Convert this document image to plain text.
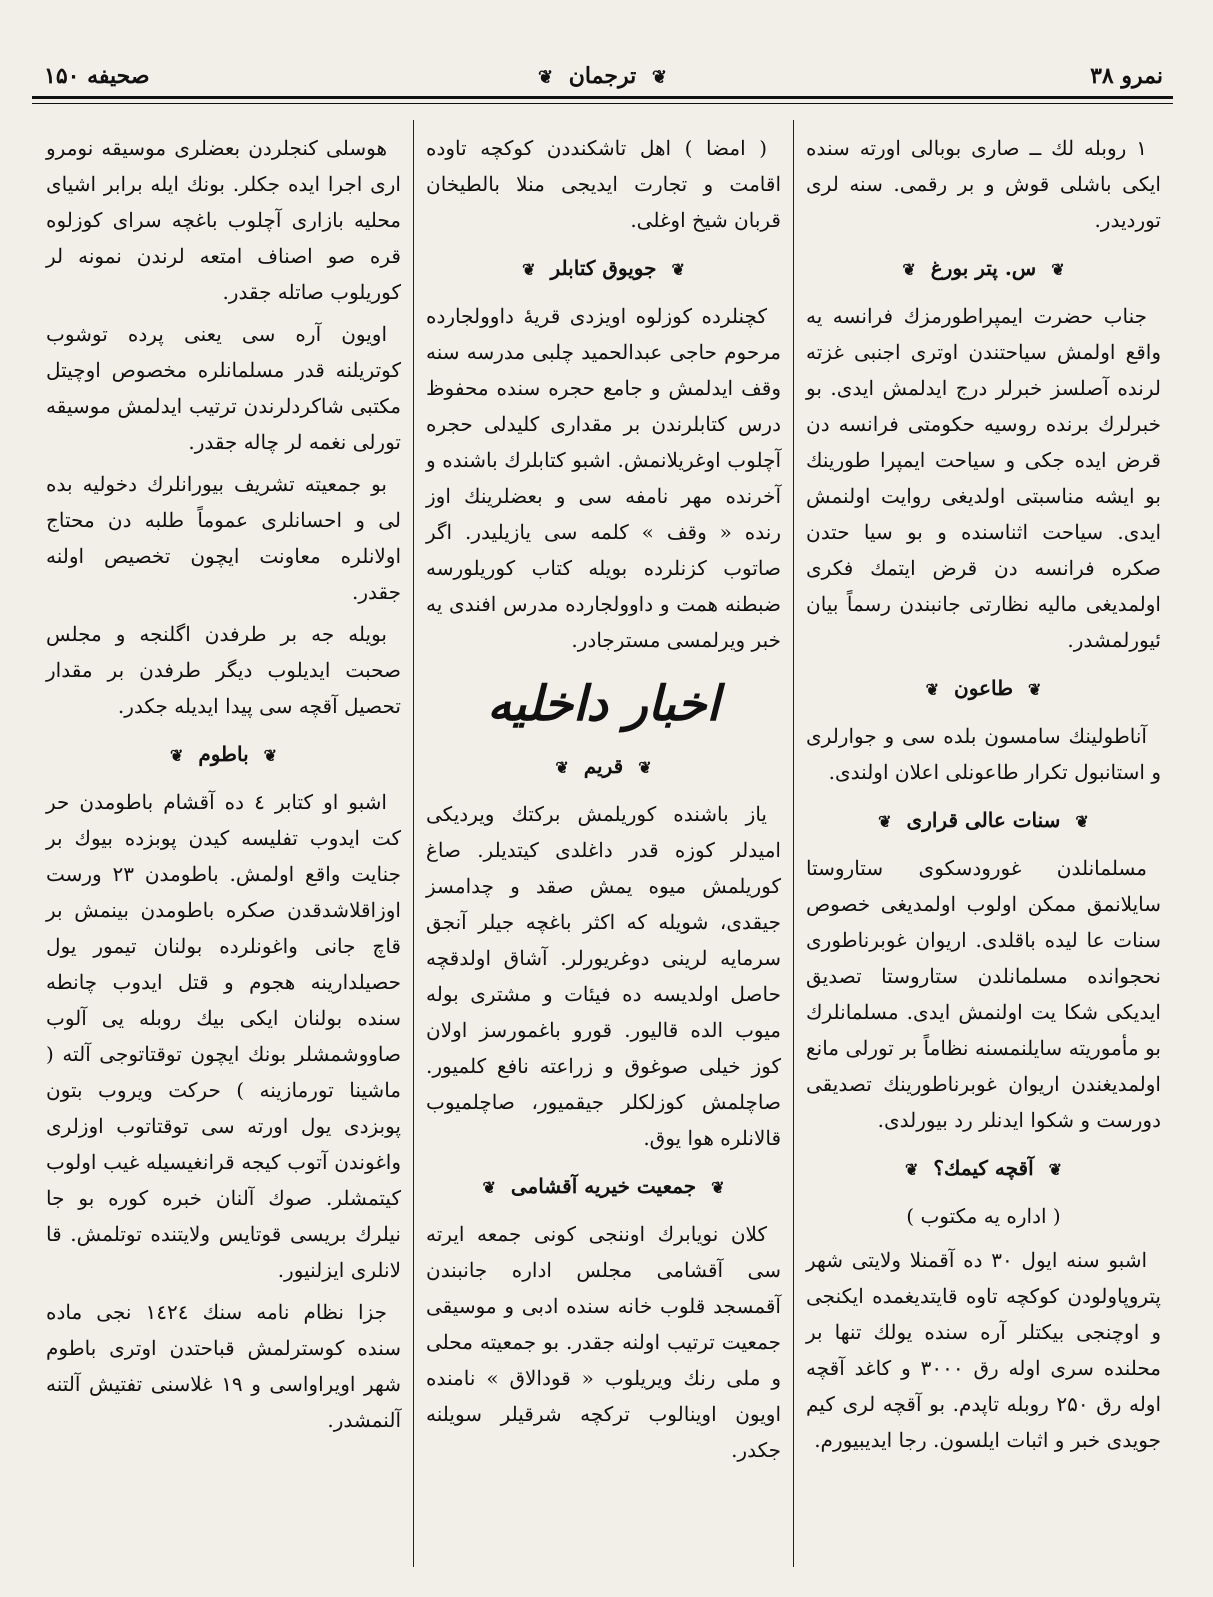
نمرو ۳۸
❦ ترجمان ❦
صحیفه ۱۵۰

۱ روبله لك ــ صاری بوبالی اورته سنده ایكی باشلی قوش و بر رقمی. سنه لری توردیدر.

❦ س. پتر بورغ ❦

جناب حضرت ایمپراطورمزك فرانسه یه واقع اولمش سیاحتندن اوتری اجنبی غزته لرنده آصلسز خبرلر درج ایدلمش ایدی. بو خبرلرك برنده روسیه حكومتی فرانسه دن قرض ایده جكی و سیاحت ایمپرا طورینك بو ایشه مناسبتی اولدیغی روایت اولنمش ایدی. سیاحت اثناسنده و بو سیا حتدن صكره فرانسه دن قرض ایتمك فكری اولمدیغی مالیه نظارتی جانبندن رسماً بیان ئیورلمشدر.

❦ طاعون ❦

آناطولینك سامسون بلده سی و جوارلری و استانبول تكرار طاعونلی اعلان اولندی.

❦ سنات عالی قراری ❦

مسلمانلدن غورودسكوی ستاروستا سایلانمق ممكن اولوب اولمدیغی خصوص سنات عا لیده باقلدی. اریوان غوبرناطوری نحجوانده مسلمانلدن ستاروستا تصدیق ایدیكی شكا یت اولنمش ایدی. مسلمانلرك بو مأموریته سایلنمسنه نظاماً بر تورلی مانع اولمدیغندن اریوان غوبرناطورینك تصدیقی دورست و شكوا ایدنلر رد بیورلدی.

❦ آقچه كیمك؟ ❦
( اداره یه مكتوب )

اشبو سنه ایول ۳۰ ده آقمنلا ولایتی شهر پتروپاولودن كوكچه تاوه قایتدیغمده ایكنجی و اوچنجی بیكتلر آره سنده یولك تنها بر محلنده سری اوله رق ۳۰۰۰ و كاغد آقچه اوله رق ۲۵۰ روبله تاپدم. بو آقچه لری كیم جویدی خبر و اثبات ایلسون. رجا ایدیبیورم.

( امضا ) اهل تاشكنددن كوكچه تاوده اقامت و تجارت ایدیجی منلا بالطیخان قربان شیخ اوغلی.

❦ جویوق كتابلر ❦

كچنلرده كوزلوه اویزدی قریهٔ داوولجارده مرحوم حاجی عبدالحمید چلبی مدرسه سنه وقف ایدلمش و جامع حجره سنده محفوظ درس كتابلرندن بر مقداری كلیدلی حجره آچلوب اوغریلانمش. اشبو كتابلرك باشنده و آخرنده مهر نامفه سی و بعضلرینك اوز رنده « وقف » كلمه سی یازیلیدر. اگر صاتوب كزنلرده بویله كتاب كوریلورسه ضبطنه همت و داوولجارده مدرس افندی یه خبر ویرلمسی مسترجادر.

اخبار داخلیه
❦ قریم ❦

یاز باشنده كوریلمش بركتك ویردیكی امیدلر كوزه قدر داغلدی كیتدیلر. صاغ كوریلمش میوه یمش صقد و چدامسز جیقدی، شویله كه اكثر باغچه جیلر آنجق سرمایه لرینی دوغریورلر. آشاق اولدقچه حاصل اولدیسه ده فیئات و مشتری بوله میوب الده قالیور. قورو باغمورسز اولان كوز خیلی صوغوق و زراعته نافع كلمیور. صاچلمش كوزلكلر جیقمیور، صاچلمیوب قالانلره هوا یوق.

❦ جمعیت خیریه آقشامی ❦

كلان نویابرك اوننجی كونی جمعه ایرته سی آقشامی مجلس اداره جانبندن آقمسجد قلوب خانه سنده ادبی و موسیقی جمعیت ترتیب اولنه جقدر. بو جمعیته محلی و ملی رنك ویریلوب « قودالاق » نامنده اویون اوینالوب تركچه شرقیلر سویلنه جكدر.

هوسلی كنجلردن بعضلری موسیقه نومرو اری اجرا ایده جكلر. بونك ایله برابر اشیای محلیه بازاری آچلوب باغچه سرای كوزلوه قره صو اصناف امتعه لرندن نمونه لر كوریلوب صاتله جقدر.

اویون آره سی یعنی پرده توشوب كوتریلنه قدر مسلمانلره مخصوص اوچیتل مكتبی شاكردلرندن ترتیب ایدلمش موسیقه تورلی نغمه لر چاله جقدر.

بو جمعیته تشریف بیورانلرك دخولیه بده لی و احسانلری عموماً طلبه دن محتاج اولانلره معاونت ایچون تخصیص اولنه جقدر.

بویله جه بر طرفدن اگلنجه و مجلس صحبت ایدیلوب دیگر طرفدن بر مقدار تحصیل آقچه سی پیدا ایدیله جكدر.

❦ باطوم ❦

اشبو او كتابر ٤ ده آقشام باطومدن حر كت ایدوب تفلیسه كیدن پوبزده بیوك بر جنایت واقع اولمش. باطومدن ۲۳ ورست اوزاقلاشدقدن صكره باطومدن بینمش بر قاچ جانی واغونلرده بولنان تیمور یول حصیلدارینه هجوم و قتل ایدوب چانطه سنده بولنان ایكی بیك روبله یی آلوب صاووشمشلر بونك ایچون توقتاتوجی آلته ( ماشینا تورمازینه ) حركت ویروب بتون پوبزدی یول اورته سی توقتاتوب اوزلری واغوندن آتوب كیجه قرانغیسیله غیب اولوب كیتمشلر. صوك آلنان خبره كوره بو جا نیلرك بریسی قوتایس ولایتنده توتلمش. قا لانلری ایزلنیور.

جزا نظام نامه سنك ۱٤۲٤ نجی ماده سنده كوسترلمش قباحتدن اوتری باطوم شهر اویراواسی و ۱۹ غلاسنی تفتیش آلتنه آلنمشدر.
